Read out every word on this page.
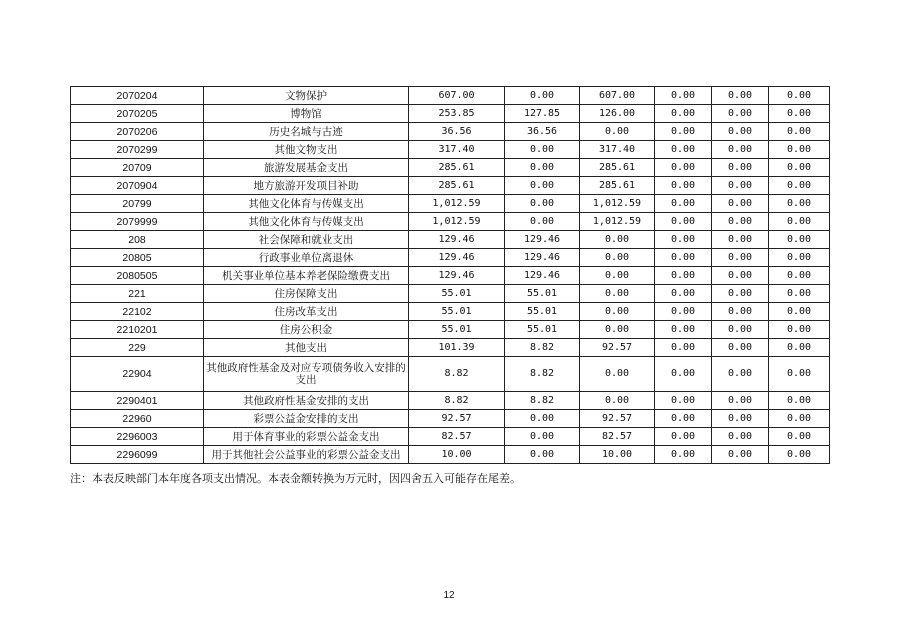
2070204	文物保护	607.00	0.00	607.00	0.00	0.00	0.00
2070205	博物馆	253.85	127.85	126.00	0.00	0.00	0.00
2070206	历史名城与古迹	36.56	36.56	0.00	0.00	0.00	0.00
2070299	其他文物支出	317.40	0.00	317.40	0.00	0.00	0.00
20709	旅游发展基金支出	285.61	0.00	285.61	0.00	0.00	0.00
2070904	地方旅游开发项目补助	285.61	0.00	285.61	0.00	0.00	0.00
20799	其他文化体育与传媒支出	1,012.59	0.00	1,012.59	0.00	0.00	0.00
2079999	其他文化体育与传媒支出	1,012.59	0.00	1,012.59	0.00	0.00	0.00
208	社会保障和就业支出	129.46	129.46	0.00	0.00	0.00	0.00
20805	行政事业单位离退休	129.46	129.46	0.00	0.00	0.00	0.00
2080505	机关事业单位基本养老保险缴费支出	129.46	129.46	0.00	0.00	0.00	0.00
221	住房保障支出	55.01	55.01	0.00	0.00	0.00	0.00
22102	住房改革支出	55.01	55.01	0.00	0.00	0.00	0.00
2210201	住房公积金	55.01	55.01	0.00	0.00	0.00	0.00
229	其他支出	101.39	8.82	92.57	0.00	0.00	0.00
22904	其他政府性基金及对应专项债务收入安排的支出	8.82	8.82	0.00	0.00	0.00	0.00
2290401	其他政府性基金安排的支出	8.82	8.82	0.00	0.00	0.00	0.00
22960	彩票公益金安排的支出	92.57	0.00	92.57	0.00	0.00	0.00
2296003	用于体育事业的彩票公益金支出	82.57	0.00	82.57	0.00	0.00	0.00
2296099	用于其他社会公益事业的彩票公益金支出	10.00	0.00	10.00	0.00	0.00	0.00
注：本表反映部门本年度各项支出情况。本表金额转换为万元时，因四舍五入可能存在尾差。
12
